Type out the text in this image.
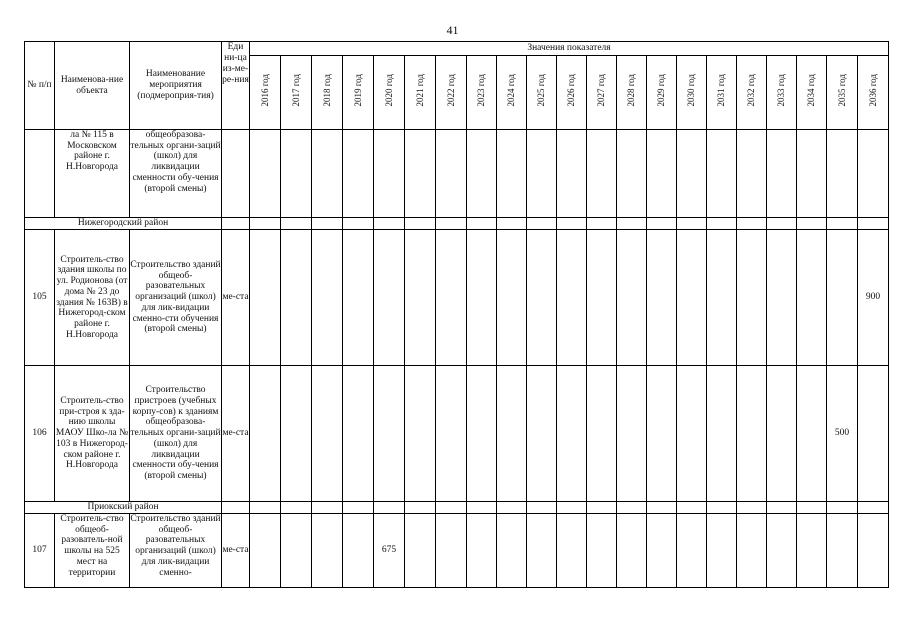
41
№ п/п	Наименова-ние объекта	Наименование мероприятия (подмероприя-тия)	Еди ни-ца из-ме-ре-ния	Значения показателя																				
				2016 год	2017 год	2018 год	2019 год	2020 год	2021 год	2022 год	2023 год	2024 год	2025 год	2026 год	2027 год	2028 год	2029 год	2030 год	2031 год	2032 год	2033 год	2034 год	2035 год	2036 год

	ла № 115 в Московском районе г. Н.Новгорода	общеобразова-тельных органи-заций (школ) для ликвидации сменности обу-чения (второй смены)																						

Нижегородский район																								

105	Строитель-ство здания школы по ул. Родионова (от дома № 23 до здания № 163В) в Нижегород-ском районе г. Н.Новгорода	Строительство зданий общеоб-разовательных организаций (школ) для лик-видации сменно-сти обучения (второй смены)	ме-ста																					900

106	Строитель-ство при-строя к зда-нию школы МАОУ Шко-ла № 103 в Нижегород-ском районе г. Н.Новгорода	Строительство пристроев (учебных корпу-сов) к зданиям общеобразова-тельных органи-заций (школ) для ликвидации сменности обу-чения (второй смены)	ме-ста																				500	
Приокский район																								

107	Строитель-ство общеоб-разователь-ной школы на 525 мест на территории	Строительство зданий общеоб-разовательных организаций (школ) для лик-видации сменно-	ме-ста					675																
